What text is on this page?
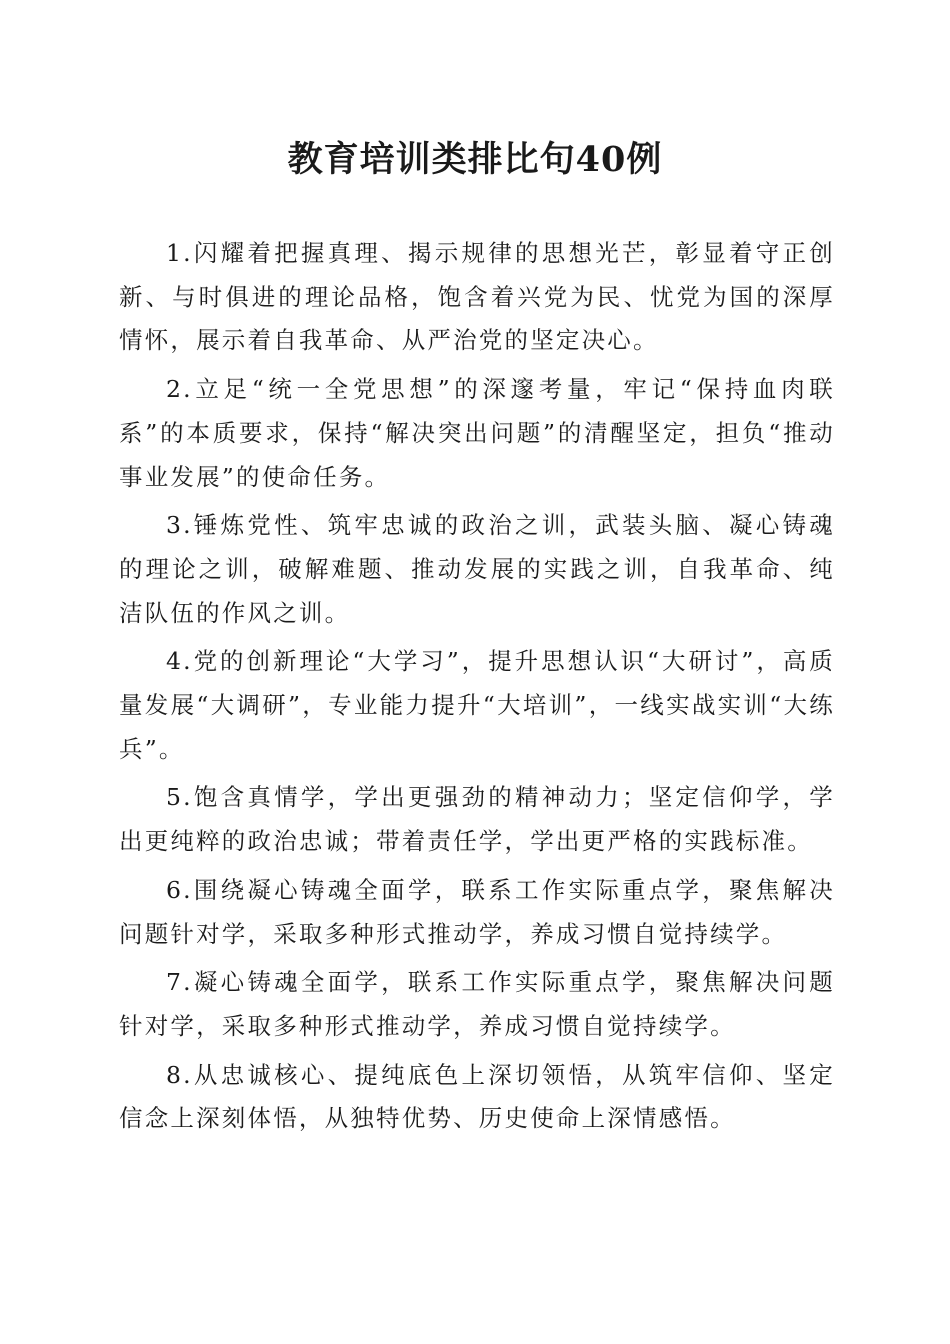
教育培训类排比句40例

1.闪耀着把握真理、揭示规律的思想光芒，彰显着守正创新、与时俱进的理论品格，饱含着兴党为民、忧党为国的深厚情怀，展示着自我革命、从严治党的坚定决心。

2.立足“统一全党思想”的深邃考量，牢记“保持血肉联系”的本质要求，保持“解决突出问题”的清醒坚定，担负“推动事业发展”的使命任务。

3.锤炼党性、筑牢忠诚的政治之训，武装头脑、凝心铸魂的理论之训，破解难题、推动发展的实践之训，自我革命、纯洁队伍的作风之训。

4.党的创新理论“大学习”，提升思想认识“大研讨”，高质量发展“大调研”，专业能力提升“大培训”，一线实战实训“大练兵”。

5.饱含真情学，学出更强劲的精神动力；坚定信仰学，学出更纯粹的政治忠诚；带着责任学，学出更严格的实践标准。

6.围绕凝心铸魂全面学，联系工作实际重点学，聚焦解决问题针对学，采取多种形式推动学，养成习惯自觉持续学。

7.凝心铸魂全面学，联系工作实际重点学，聚焦解决问题针对学，采取多种形式推动学，养成习惯自觉持续学。

8.从忠诚核心、提纯底色上深切领悟，从筑牢信仰、坚定信念上深刻体悟，从独特优势、历史使命上深情感悟。
